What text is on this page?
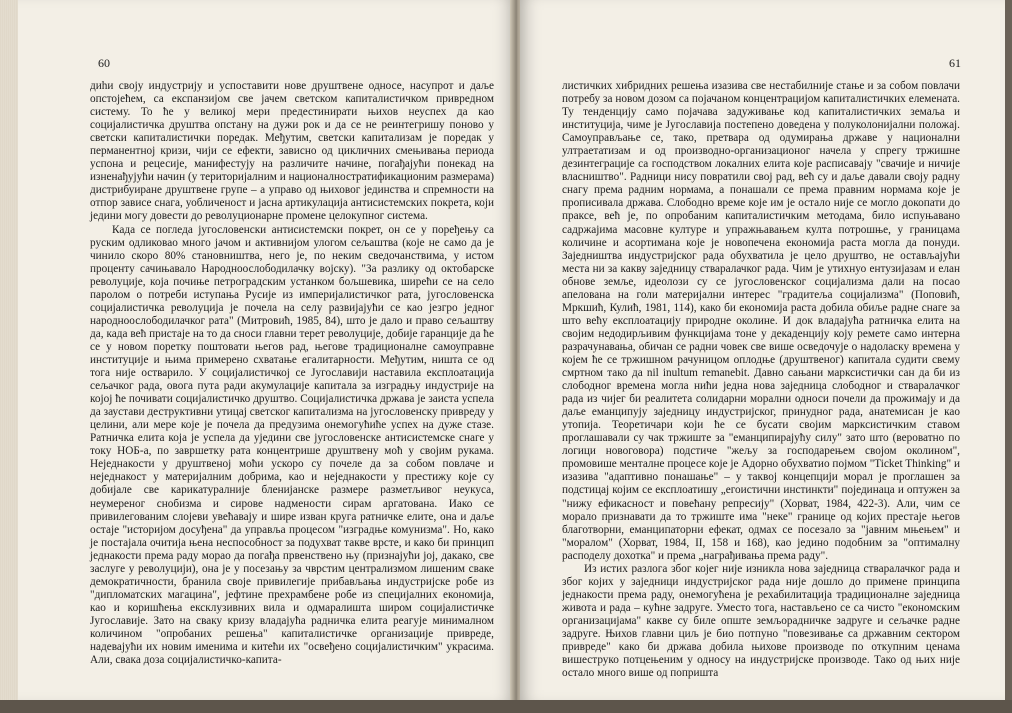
60

диһи своју индустрију и успоставити нове друштвене односе, насупрот и даље опстојећем, са експанзијом све јачем светском капиталистичком привредном систему. То ће у великој мери предестинирати њихов неуспех да као социјалистичка друштва опстану на дужи рок и да се не реинтегришу поново у светски капиталистички поредак. Међутим, светски капитализам је поредак у перманентној кризи, чији се ефекти, зависно од цикличних смењивања периода успона и рецесије, манифестују на различите начине, погађајући понекад на изненађујући начин (у територијалним и националностратификационим размерама) дистрибуиране друштвене групе – а управо од њиховог јединства и спремности на отпор зависе снага, уобличеност и јасна артикулација антисистемских покрета, који једини могу довести до револуционарне промене целокупног система.

Када се погледа југословенски антисистемски покрет, он се у поређењу са руским одликовао много јачом и активнијом улогом сељаштва (које не само да је чинило скоро 80% становништва, него је, по неким сведочанствима, у истом проценту сачињавало Народноослободилачку војску). "За разлику од октобарске револуције, која почиње петроградским устанком бољшевика, ширећи се на село паролом о потреби иступања Русије из империјалистичког рата, југословенска социјалистичка револуција је почела на селу развијајући се као језгро једног народноослободилачког рата" (Митровић, 1985, 84), што је дало и право сељаштву да, када већ пристаје на то да сноси главни терет револуције, добије гаранције да ће се у новом поретку поштовати његов рад, његове традиционалне самоуправне институције и њима примерено схватање егалитарности. Међутим, ништа се од тога није остварило. У социјалистичкој се Југославији наставила експлоатација сељачког рада, овога пута ради акумулације капитала за изградњу индустрије на којој ће почивати социјалистичко друштво. Социјалистичка држава је заиста успела да заустави деструктивни утицај светског капитализма на југословенску привреду у целини, али мере које је почела да предузима онемогућиће успех на дуже стазе. Ратничка елита која је успела да уједини све југословенске антисистемске снаге у току НОБ-а, по завршетку рата концентрише друштвену моћ у својим рукама. Неједнакости у друштвеној моћи ускоро су почеле да за собом повлаче и неједнакост у материјалним добрима, као и неједнакости у престижу које су добијале све карикатуралније бленијанске размере разметљивог неукуса, неумереног снобизма и сирове надмености сирам аргатована. Иако се привилегованим слојеви увећавају и шире изван круга ратничке елите, она и даље остаје "историјом досуђена" да управља процесом "изградње комунизма". Но, како је постајала очитија њена неспособност за подухват такве врсте, и како би принцип једнакости према раду морао да погађа првенствено њу (признајући јој, дакако, све заслуге у револуцији), она је у посезању за чврстим централизмом лишеним сваке демократичности, бранила своје привилегије прибављања индустријске робе из "дипломатских магацина", јефтине прехрамбене робе из специјалних економија, као и коришћења ексклузивних вила и одмаралишта широм социјалистичке Југославије. Зато на сваку кризу владајућа радничка елита реагује минималном количином "опробаних решења" капиталистичке организације привреде, надевајући их новим именима и китећи их "освеђено социјалистичким" украсима. Али, свака доза социјалистичко-капита-

61

листичких хибридних решења изазива све нестабилније стање и за собом повлачи потребу за новом дозом са појачаном концентрацијом капиталистичких елемената. Ту тенденцију само појачава задуживање код капиталистичких земаља и институција, чиме је Југославија постепено доведена у полуколонијални положај. Самоуправљање се, тако, претвара од одумирања државе у национални ултраетатизам и од производно-организационог начела у спрегу тржишне дезинтеграције са господством локалних елита које расписавају "свачије и ничије власништво". Радници нису повратили свој рад, већ су и даље давали своју радну снагу према радним нормама, а понашали се према правним нормама које је прописивала држава. Слободно време које им је остало није се могло докопати до праксе, већ је, по опробаним капиталистичким методама, било испуњавано садржајима масовне културе и упражњавањем култа потрошње, у границама количине и асортимана које је новопечена економија раста могла да понуди. Заједништва индустријског рада обухватила је цело друштво, не остављајући места ни за какву заједницу стваралачког рада. Чим је утихнуо ентузијазам и елан обнове земље, идеолози су се југословенског социјализма дали на посао апелована на голи материјални интерес "градитеља социјализма" (Поповић, Мркшић, Кулић, 1981, 114), како би економија раста добила обиље радне снаге за што већу експлоатацију природне околине. И док владајућа ратничка елита на својим недодирљивим функцијама тоне у декаденцију коју ремете само интерна разрачунавања, обичан се радни човек све више осведочује о надоласку времена у којем ће се тржишном рачуницом оплодње (друштвеног) капитала судити свему смртном тако да nil inultum remanebit. Давно сањани марксистички сан да би из слободног времена могла нићи једна нова заједница слободног и стваралачког рада из чијег би реалитета солидарни морални односи почели да прожимају и да даље еманципују заједницу индустријског, принудног рада, анатемисан је као утопија. Теоретичари који ће се бусати својим марксистичким ставом проглашавали су чак тржиште за "еманципирајућу силу" зато што (вероватно по логици новоговора) подстиче "жељу за господарењем својом околином", промовише менталне процесе које је Адорно обухватио појмом "Ticket Thinking" и изазива "адаптивно понашање" – у таквој концепцији морал је проглашен за подстицај којим се експлоатишу „егоистични инстинкти" појединаца и оптужен за "нижу ефикасност и повећану репресију" (Хорват, 1984, 422-3). Али, чим се морало признавати да то тржиште има "неке" границе од којих престаје његов благотворни, еманципаторни ефекат, одмах се посезало за "јавним мњењем" и "моралом" (Хорват, 1984, II, 158 и 168), као једино подобним за "оптималну расподелу дохотка" и према „награђивања према раду".

Из истих разлога због којег није изникла нова заједница стваралачког рада и због којих у заједници индустријског рада није дошло до примене принципа једнакости према раду, онемогућена је рехабилитација традиционалне заједница живота и рада – кућне задруге. Уместо тога, настављено се са чисто "економским организацијама" какве су биле опште земљорадничке задруге и сељачке радне задруге. Њихов главни циљ је био потпуно "повезивање са државним сектором привреде" како би држава добила њихове производе по откупним ценама вишеструко потцењеним у односу на индустријске производе. Тако од њих није остало много више од попришта
